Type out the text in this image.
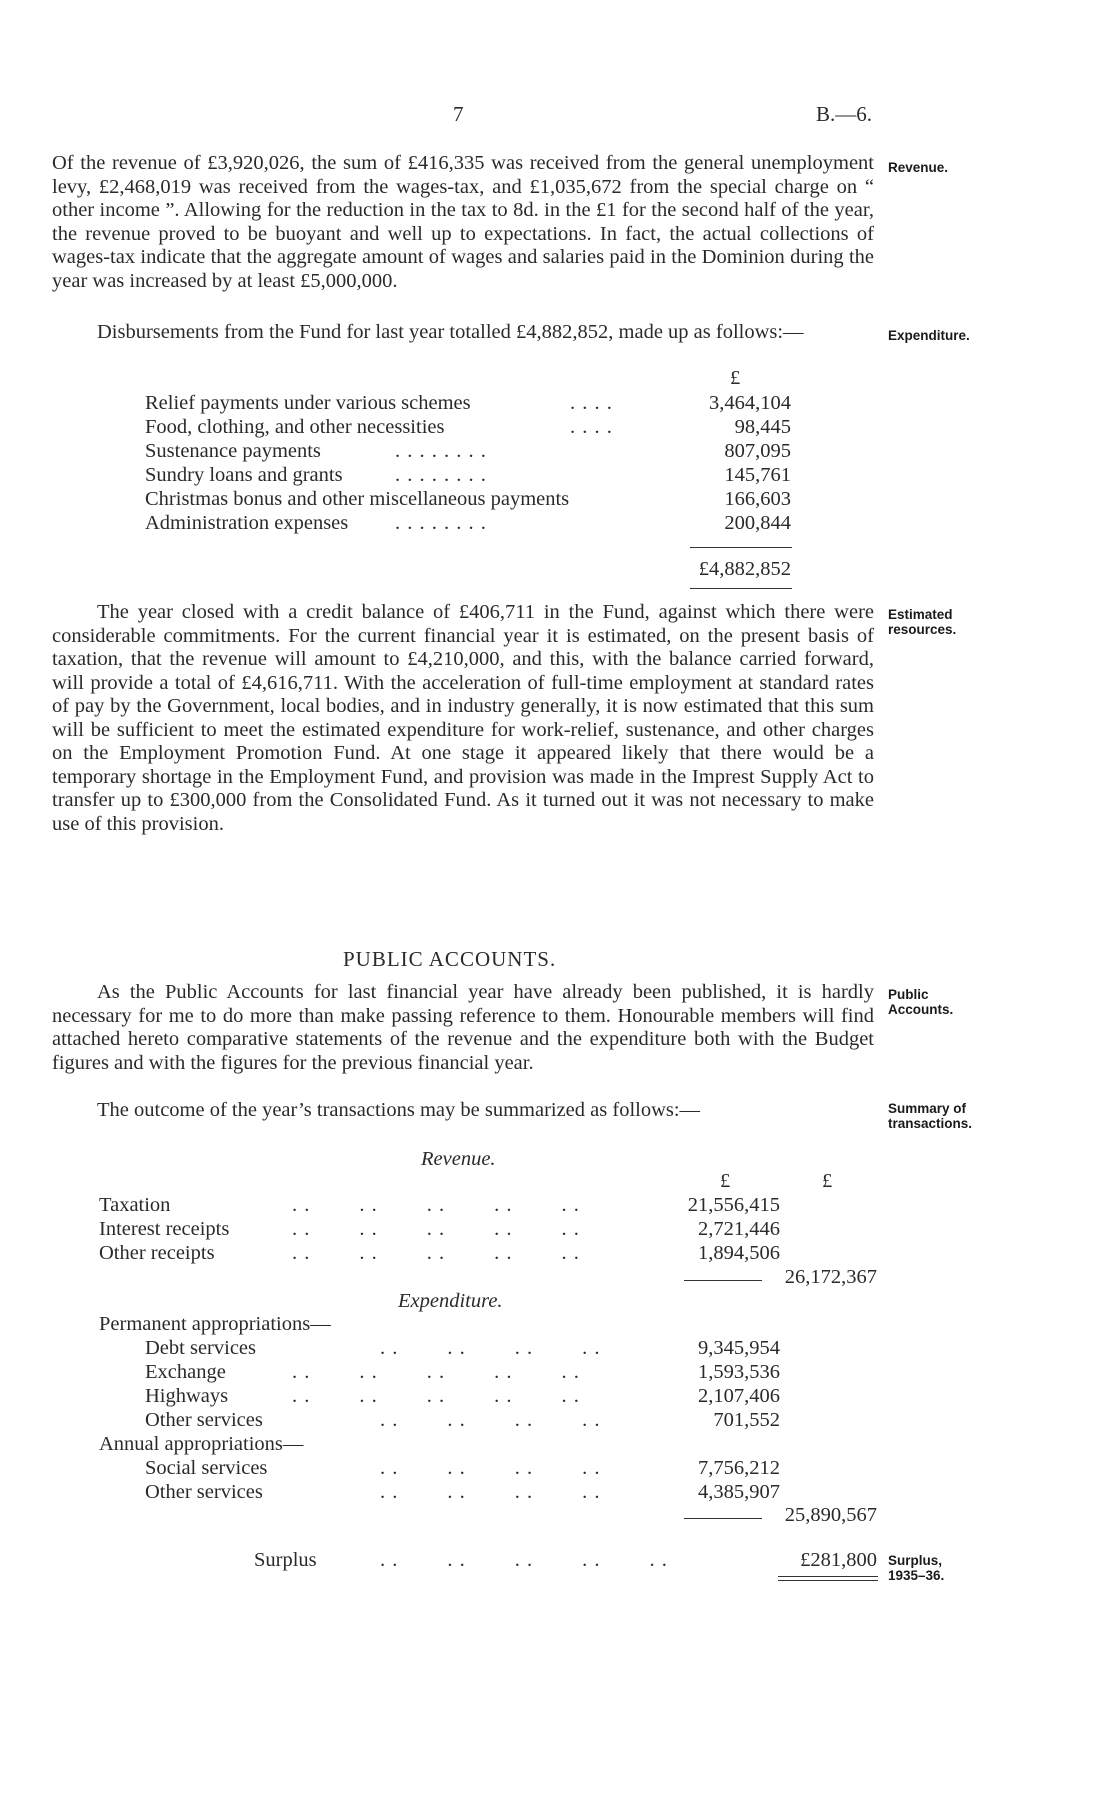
7	B.—6.

Of the revenue of £3,920,026, the sum of £416,335 was received from the general unemployment levy, £2,468,019 was received from the wages-tax, and £1,035,672 from the special charge on “ other income ”. Allowing for the reduction in the tax to 8d. in the £1 for the second half of the year, the revenue proved to be buoyant and well up to expectations. In fact, the actual collections of wages-tax indicate that the aggregate amount of wages and salaries paid in the Dominion during the year was increased by at least £5,000,000.

Revenue.

Disbursements from the Fund for last year totalled £4,882,852, made up as follows:—	Expenditure.
£
Relief payments under various schemes	. . . .	3,464,104
Food, clothing, and other necessities	. . . .	98,445
Sustenance payments	. . . . . . . .	807,095
Sundry loans and grants	. . . . . . . .	145,761
Christmas bonus and other miscellaneous payments	166,603
Administration expenses . . . . . . . .	200,844
£4,882,852

The year closed with a credit balance of £406,711 in the Fund, against which there were considerable commitments. For the current financial year it is estimated, on the present basis of taxation, that the revenue will amount to £4,210,000, and this, with the balance carried forward, will provide a total of £4,616,711. With the acceleration of full-time employment at standard rates of pay by the Government, local bodies, and in industry generally, it is now estimated that this sum will be sufficient to meet the estimated expenditure for work-relief, sustenance, and other charges on the Employment Promotion Fund. At one stage it appeared likely that there would be a temporary shortage in the Employment Fund, and provision was made in the Imprest Supply Act to transfer up to £300,000 from the Consolidated Fund. As it turned out it was not necessary to make use of this provision.

Estimated resources.
PUBLIC ACCOUNTS.

As the Public Accounts for last financial year have already been published, it is hardly necessary for me to do more than make passing reference to them. Honourable members will find attached hereto comparative statements of the revenue and the expenditure both with the Budget figures and with the figures for the previous financial year.

Public Accounts.

The outcome of the year’s transactions may be summarized as follows:—	Summary of transactions.
Revenue.
£	£
Taxation	. .        . .        . .        . .        . .	21,556,415
Interest receipts	. .        . .        . .        . .        . .	2,721,446
Other receipts	. .        . .        . .        . .        . .	1,894,506
26,172,367
Expenditure.
Permanent appropriations—
Debt services	. .        . .        . .        . .	9,345,954
Exchange	. .        . .        . .        . .        . .	1,593,536
Highways	. .        . .        . .        . .        . .	2,107,406
Other services	. .        . .        . .        . .	701,552
Annual appropriations—
Social services	. .        . .        . .        . .	7,756,212
Other services	. .        . .        . .        . .	4,385,907
25,890,567
Surplus	. .        . .        . .        . .        . .	£281,800 Surplus, 1935–36.
